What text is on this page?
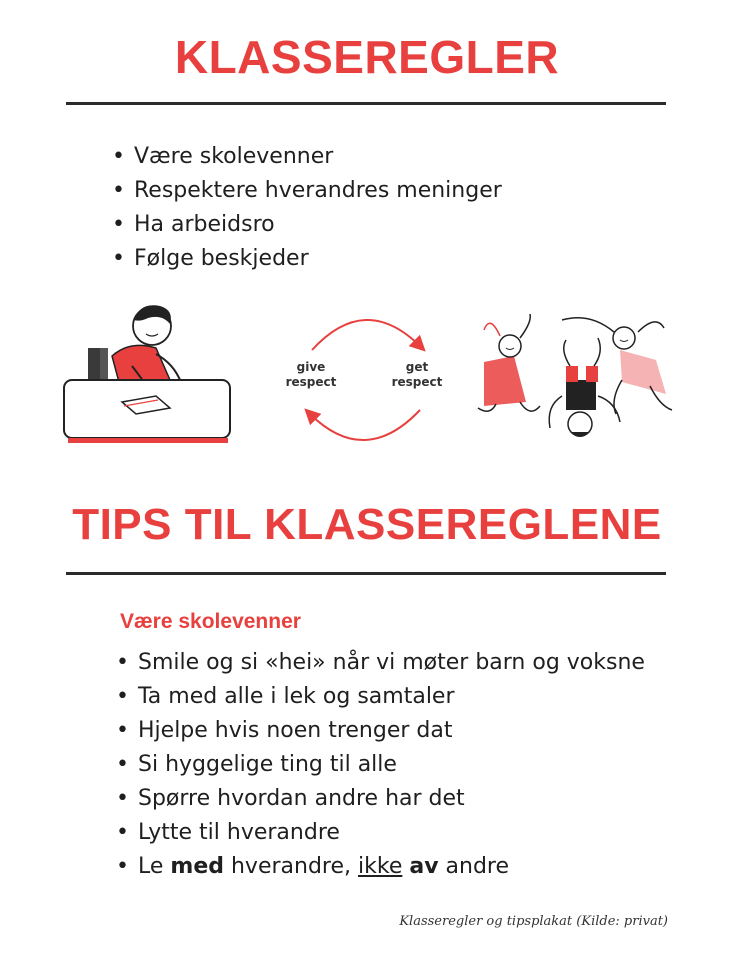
KLASSEREGLER
• Være skolevenner
• Respektere hverandres meninger
• Ha arbeidsro
• Følge beskjeder
give
respect
get
respect
TIPS TIL KLASSEREGLENE
Være skolevenner
• Smile og si «hei» når vi møter barn og voksne
• Ta med alle i lek og samtaler
• Hjelpe hvis noen trenger dat
• Si hyggelige ting til alle
• Spørre hvordan andre har det
• Lytte til hverandre
• Le med hverandre, ikke av andre
Klasseregler og tipsplakat (Kilde: privat)
